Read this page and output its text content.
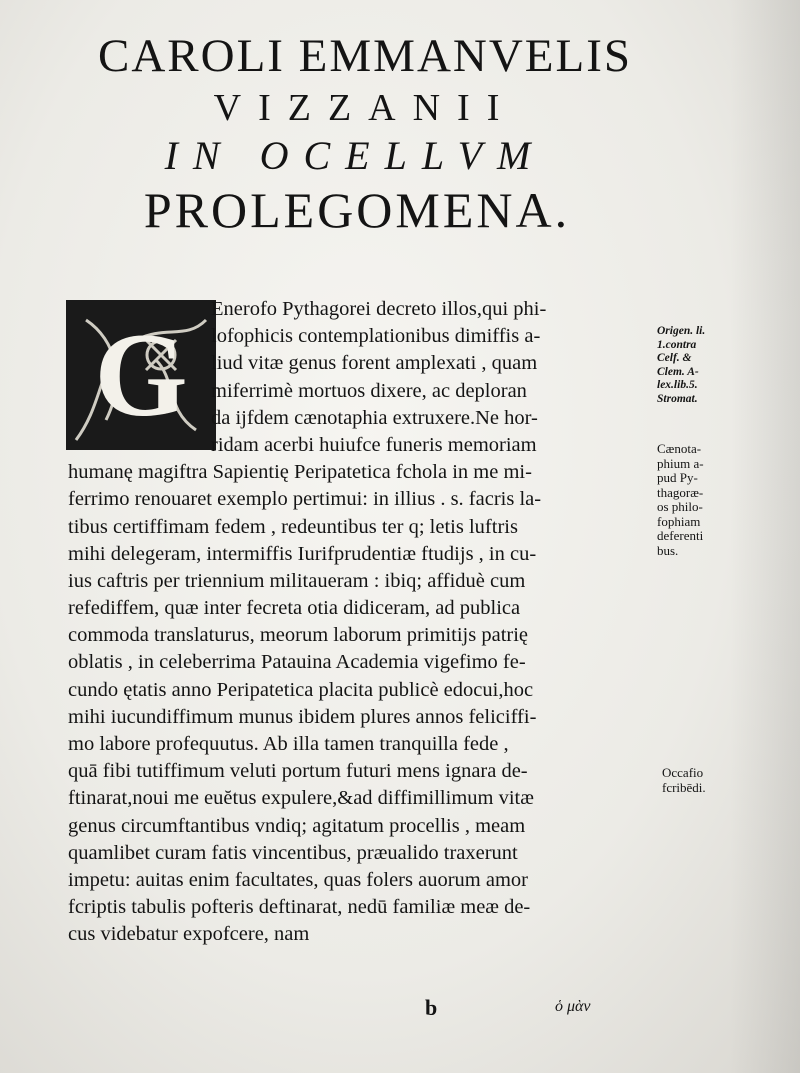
CAROLI EMMANVELIS
VIZZANII
IN OCELLVM
PROLEGOMENA.
G	Enerofo Pythagorei decreto illos,qui phi-
lofophicis contemplationibus dimiffis a-
liud vitæ genus forent amplexati , quam
miferrimè mortuos dixere, ac deploran
da ijfdem cænotaphia extruxere.Ne hor-
ridam acerbi huiufce funeris memoriam
humanę magiftra Sapientię Peripatetica fchola in me mi-
ferrimo renouaret exemplo pertimui: in illius . s. facris la-
tibus certiffimam fedem , redeuntibus ter q; letis luftris
mihi delegeram, intermiffis Iurifprudentiæ ftudijs , in cu-
ius caftris per triennium militaueram : ibiq; affiduè cum
refediffem, quæ inter fecreta otia didiceram, ad publica
commoda translaturus, meorum laborum primitijs patrię
oblatis , in celeberrima Patauina Academia vigefimo fe-
cundo ętatis anno Peripatetica placita publicè edocui,hoc
mihi iucundiffimum munus ibidem plures annos feliciffi-
mo labore profequutus. Ab illa tamen tranquilla fede ,
quā fibi tutiffimum veluti portum futuri mens ignara de-
ftinarat,noui me euĕtus expulere,&ad diffimillimum vitæ
genus circumftantibus vndiq; agitatum procellis , meam
quamlibet curam fatis vincentibus, præualido traxerunt
impetu: auitas enim facultates, quas folers auorum amor
fcriptis tabulis pofteris deftinarat, nedū familiæ meæ de-
cus videbatur expofcere, nam
Origen. li.
1.contra
Celf. &
Clem. A-
lex.lib.5.
Stromat.
Cænota-
phium a-
pud Py-
thagoræ-
os philo-
fophiam
deferenti
bus.
Occafio
fcribēdi.
b	ὁ μὰν
